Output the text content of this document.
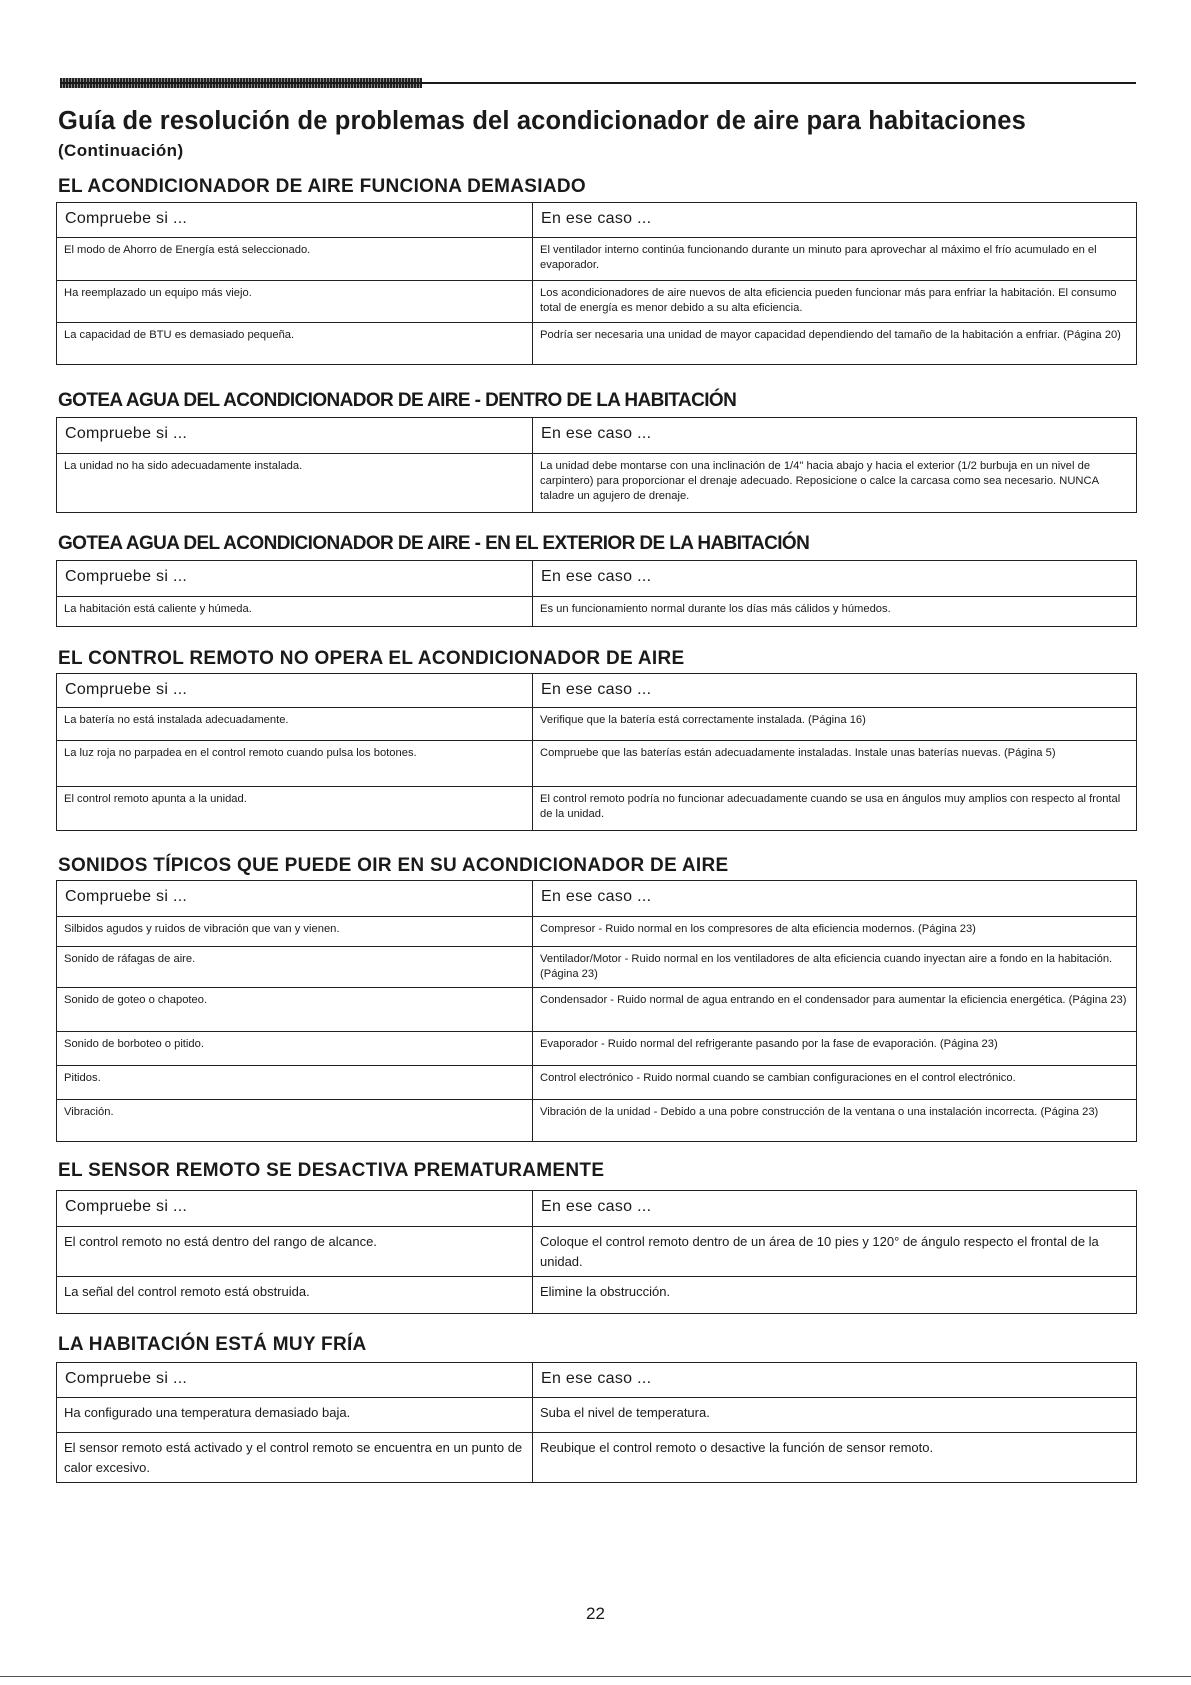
Guía de resolución de problemas del acondicionador de aire para habitaciones
(Continuación)
EL ACONDICIONADOR DE AIRE FUNCIONA DEMASIADO
Compruebe si ...	En ese caso ...
El modo de Ahorro de Energía está seleccionado.	El ventilador interno continúa funcionando durante un minuto para aprovechar al máximo el frío acumulado en el evaporador.
Ha reemplazado un equipo más viejo.	Los acondicionadores de aire nuevos de alta eficiencia pueden funcionar más para enfriar la habitación. El consumo total de energía es menor debido a su alta eficiencia.
La capacidad de BTU es demasiado pequeña.	Podría ser necesaria una unidad de mayor capacidad dependiendo del tamaño de la habitación a enfriar. (Página 20)
GOTEA AGUA DEL ACONDICIONADOR DE AIRE - DENTRO DE LA HABITACIÓN
Compruebe si ...	En ese caso ...
La unidad no ha sido adecuadamente instalada.	La unidad debe montarse con una inclinación de 1/4" hacia abajo y hacia el exterior (1/2 burbuja en un nivel de carpintero) para proporcionar el drenaje adecuado. Reposicione o calce la carcasa como sea necesario. NUNCA taladre un agujero de drenaje.
GOTEA AGUA DEL ACONDICIONADOR DE AIRE - EN EL EXTERIOR DE LA HABITACIÓN
Compruebe si ...	En ese caso ...
La habitación está caliente y húmeda.	Es un funcionamiento normal durante los días más cálidos y húmedos.
EL CONTROL REMOTO NO OPERA EL ACONDICIONADOR DE AIRE
Compruebe si ...	En ese caso ...
La batería no está instalada adecuadamente.	Verifique que la batería está correctamente instalada. (Página 16)
La luz roja no parpadea en el control remoto cuando pulsa los botones.	Compruebe que las baterías están adecuadamente instaladas. Instale unas baterías nuevas. (Página 5)
El control remoto apunta a la unidad.	El control remoto podría no funcionar adecuadamente cuando se usa en ángulos muy amplios con respecto al frontal de la unidad.
SONIDOS TÍPICOS QUE PUEDE OIR EN SU ACONDICIONADOR DE AIRE
Compruebe si ...	En ese caso ...
Silbidos agudos y ruidos de vibración que van y vienen.	Compresor - Ruido normal en los compresores de alta eficiencia modernos. (Página 23)
Sonido de ráfagas de aire.	Ventilador/Motor - Ruido normal en los ventiladores de alta eficiencia cuando inyectan aire a fondo en la habitación. (Página 23)
Sonido de goteo o chapoteo.	Condensador - Ruido normal de agua entrando en el condensador para aumentar la eficiencia energética. (Página 23)
Sonido de borboteo o pitido.	Evaporador - Ruido normal del refrigerante pasando por la fase de evaporación. (Página 23)
Pitidos.	Control electrónico - Ruido normal cuando se cambian configuraciones en el control electrónico.
Vibración.	Vibración de la unidad - Debido a una pobre construcción de la ventana o una instalación incorrecta. (Página 23)
EL SENSOR REMOTO SE DESACTIVA PREMATURAMENTE
Compruebe si ...	En ese caso ...
El control remoto no está dentro del rango de alcance.	Coloque el control remoto dentro de un área de 10 pies y 120° de ángulo respecto el frontal de la unidad.
La señal del control remoto está obstruida.	Elimine la obstrucción.
LA HABITACIÓN ESTÁ MUY FRÍA
Compruebe si ...	En ese caso ...
Ha configurado una temperatura demasiado baja.	Suba el nivel de temperatura.
El sensor remoto está activado y el control remoto se encuentra en un punto de calor excesivo.	Reubique el control remoto o desactive la función de sensor remoto.
22
